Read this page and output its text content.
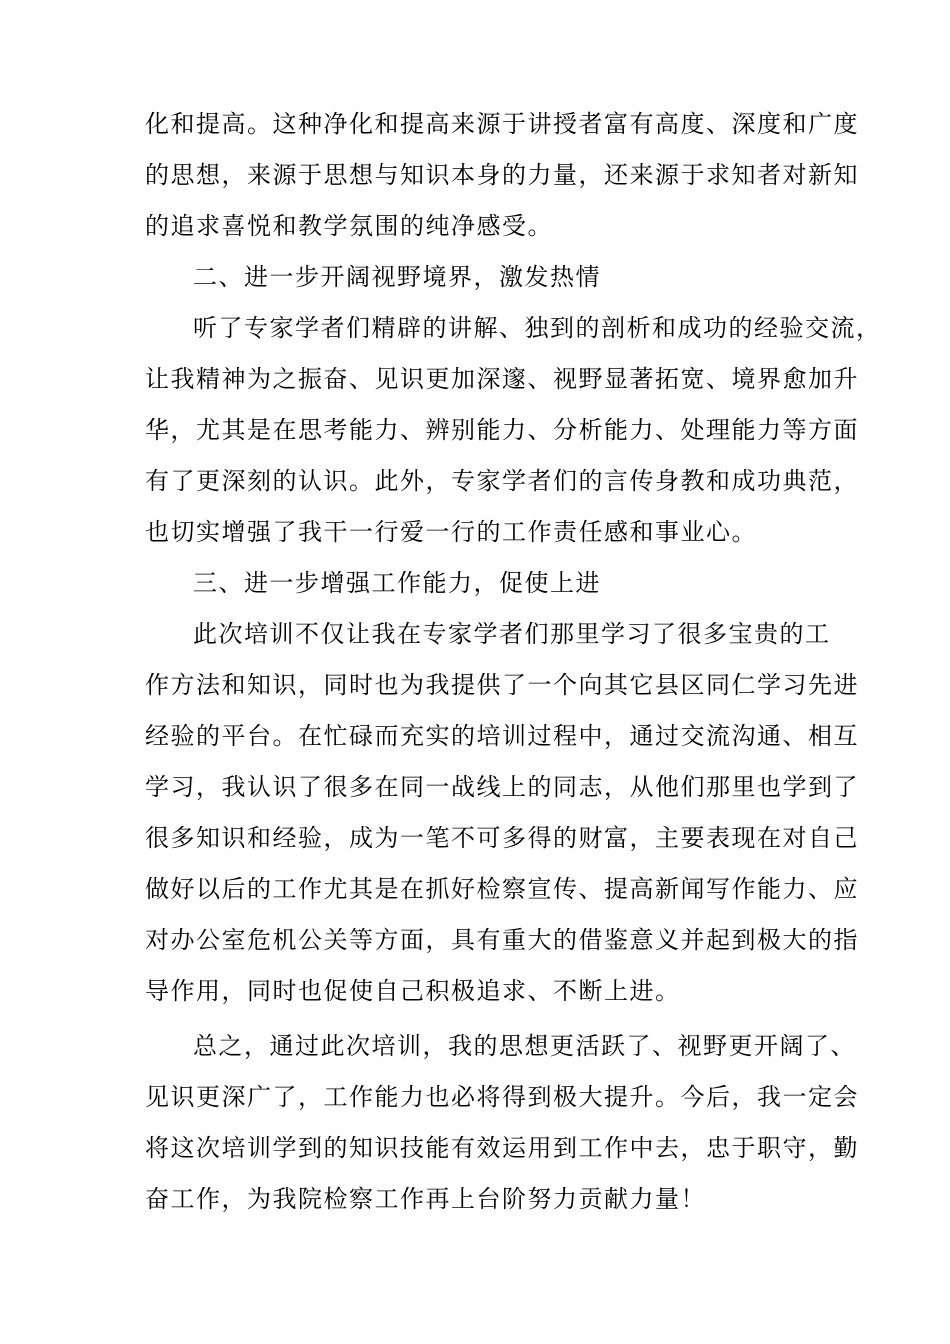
化和提高。这种净化和提高来源于讲授者富有高度、深度和广度
的思想，来源于思想与知识本身的力量，还来源于求知者对新知
的追求喜悦和教学氛围的纯净感受。
二、进一步开阔视野境界，激发热情
听了专家学者们精辟的讲解、独到的剖析和成功的经验交流，
让我精神为之振奋、见识更加深邃、视野显著拓宽、境界愈加升
华，尤其是在思考能力、辨别能力、分析能力、处理能力等方面
有了更深刻的认识。此外，专家学者们的言传身教和成功典范，
也切实增强了我干一行爱一行的工作责任感和事业心。
三、进一步增强工作能力，促使上进
此次培训不仅让我在专家学者们那里学习了很多宝贵的工
作方法和知识，同时也为我提供了一个向其它县区同仁学习先进
经验的平台。在忙碌而充实的培训过程中，通过交流沟通、相互
学习，我认识了很多在同一战线上的同志，从他们那里也学到了
很多知识和经验，成为一笔不可多得的财富，主要表现在对自己
做好以后的工作尤其是在抓好检察宣传、提高新闻写作能力、应
对办公室危机公关等方面，具有重大的借鉴意义并起到极大的指
导作用，同时也促使自己积极追求、不断上进。
总之，通过此次培训，我的思想更活跃了、视野更开阔了、
见识更深广了，工作能力也必将得到极大提升。今后，我一定会
将这次培训学到的知识技能有效运用到工作中去，忠于职守，勤
奋工作，为我院检察工作再上台阶努力贡献力量！
